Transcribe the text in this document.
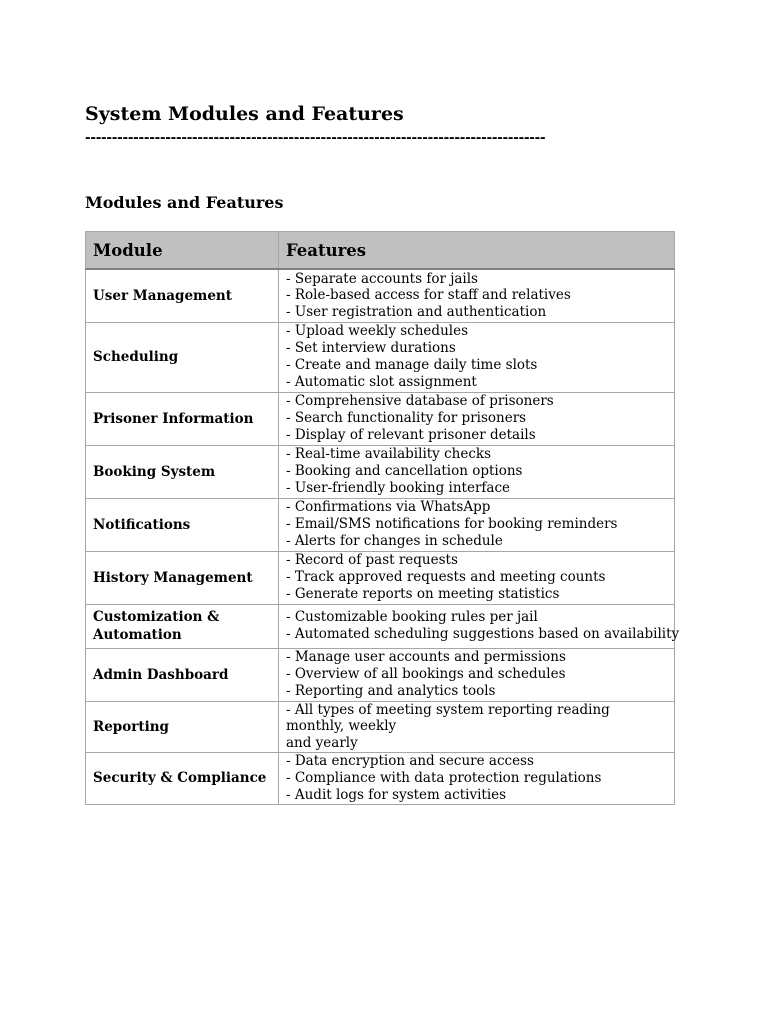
System Modules and Features
--------------------------------------------------------------------------------------
Modules and Features
Module	Features
User Management	- Separate accounts for jails
- Role-based access for staff and relatives
- User registration and authentication

Scheduling	- Upload weekly schedules
- Set interview durations
- Create and manage daily time slots
- Automatic slot assignment

Prisoner Information	- Comprehensive database of prisoners
- Search functionality for prisoners
- Display of relevant prisoner details

Booking System	- Real-time availability checks
- Booking and cancellation options
- User-friendly booking interface

Notifications	- Confirmations via WhatsApp
- Email/SMS notifications for booking reminders
- Alerts for changes in schedule

History Management	- Record of past requests
- Track approved requests and meeting counts
- Generate reports on meeting statistics

Customization & Automation	- Customizable booking rules per jail
- Automated scheduling suggestions based on availability

Admin Dashboard	- Manage user accounts and permissions
- Overview of all bookings and schedules
- Reporting and analytics tools

Reporting	- All types of meeting system reporting reading monthly, weekly
and yearly

Security & Compliance	- Data encryption and secure access
- Compliance with data protection regulations
- Audit logs for system activities
